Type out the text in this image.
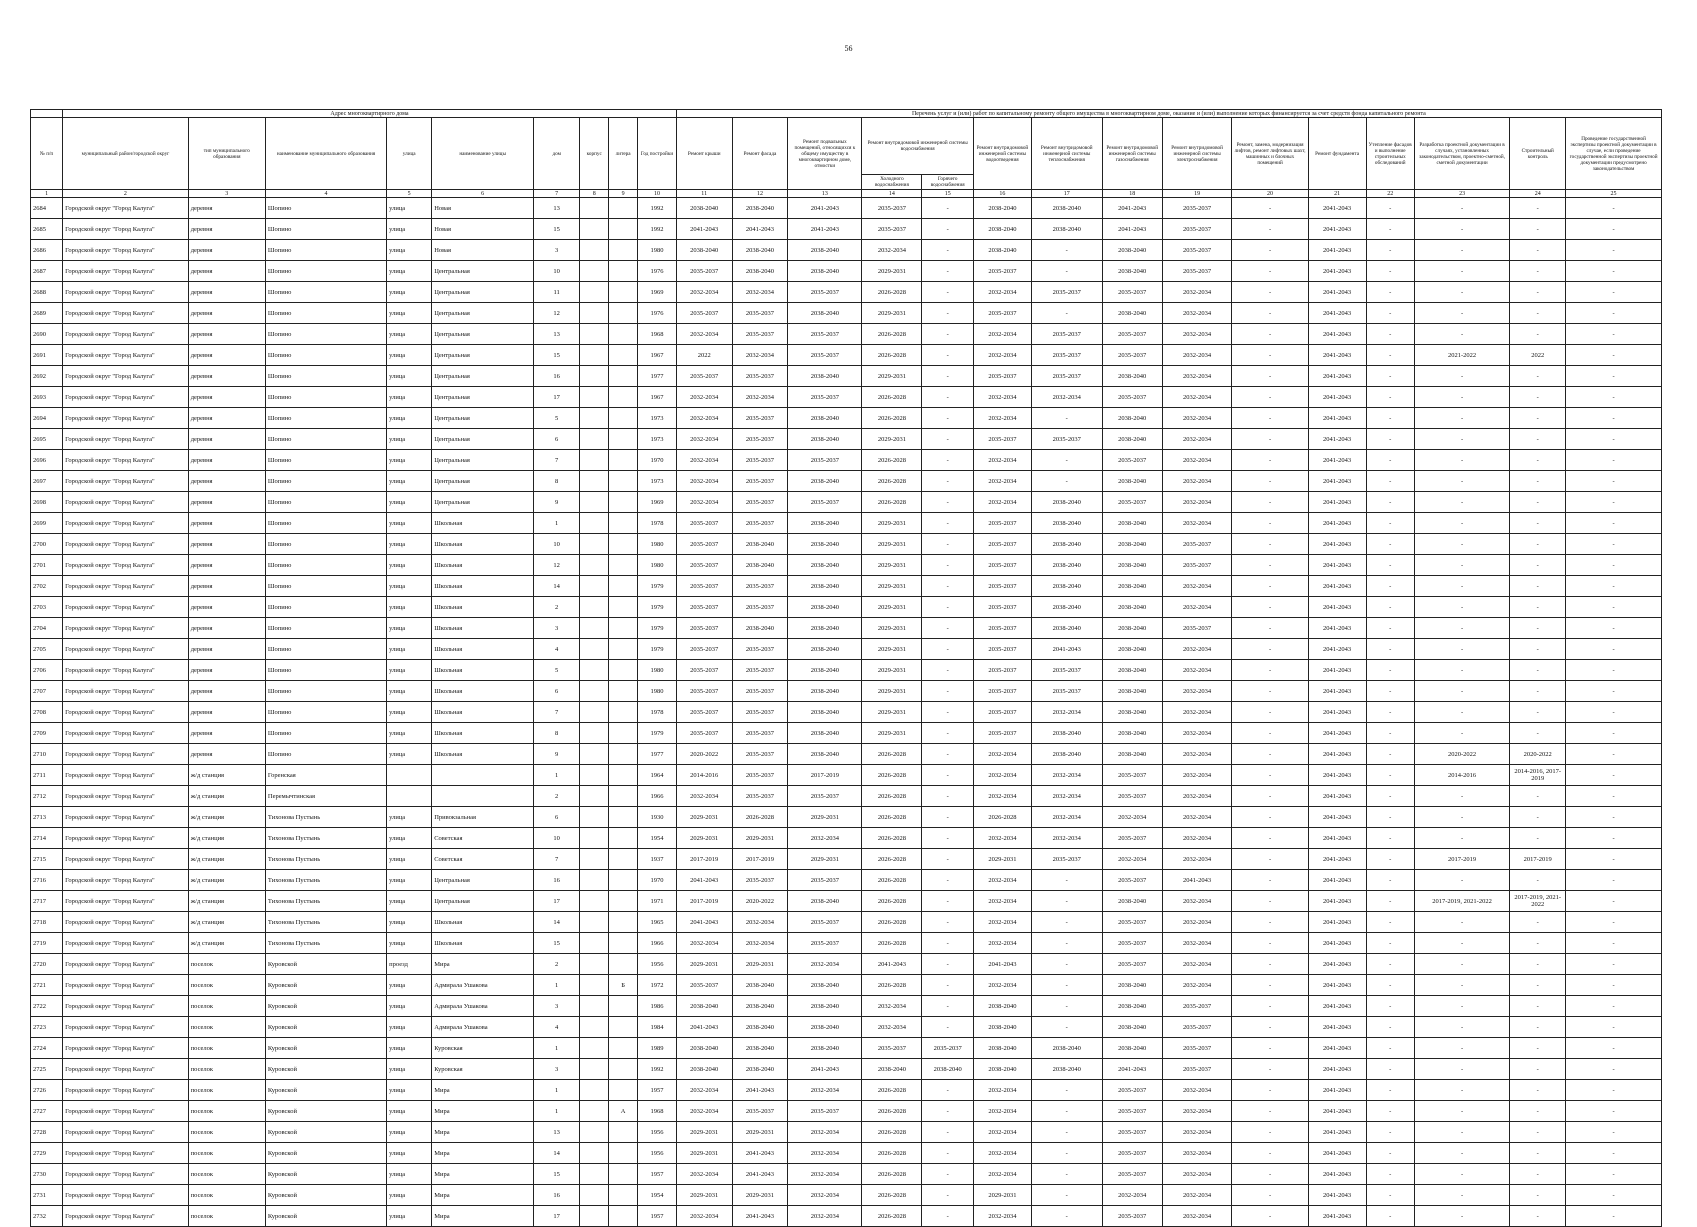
56
	Адрес многоквартирного дома									Перечень услуг и (или) работ по капитальному ремонту общего имущества в многоквартирном доме, оказание и (или) выполнение которых финансируется за счет средств фонда капитального ремонта														
№ п/п	муниципальный район/городской округ	тип муниципального образования	наименование муниципального образования	улица	наименование улицы	дом	корпус	литера	Год постройки	Ремонт крыши	Ремонт фасада	Ремонт подвальных помещений, относящихся к общему имуществу в многоквартирном доме, отмостки	Ремонт внутридомовой инженерной системы водоснабжения		Ремонт внутридомовой инженерной системы водоотведения	Ремонт внутридомовой инженерной системы теплоснабжения	Ремонт внутридомовой инженерной системы газоснабжения	Ремонт внутридомовой инженерной системы электроснабжения	Ремонт, замена, модернизация лифтов, ремонт лифтовых шахт, машинных и блочных помещений	Ремонт фундамента	Утепление фасадов и выполнение строительных обследований	Разработка проектной документации в случаях, установленных законодательством, проектно-сметной, сметной документации	Строительный контроль	Проведение государственной экспертизы проектной документации в случае, если проведение государственной экспертизы проектной документации предусмотрено законодательством
													Холодного водоснабжения	Горячего водоснабжения										
1	2	3	4	5	6	7	8	9	10	11	12	13	14	15	16	17	18	19	20	21	22	23	24	25
2684	Городской округ "Город Калуга"	деревня	Шопино	улица	Новая	13			1992	2038-2040	2038-2040	2041-2043	2035-2037	-	2038-2040	2038-2040	2041-2043	2035-2037	-	2041-2043	-	-	-	-
2685	Городской округ "Город Калуга"	деревня	Шопино	улица	Новая	15			1992	2041-2043	2041-2043	2041-2043	2035-2037	-	2038-2040	2038-2040	2041-2043	2035-2037	-	2041-2043	-	-	-	-
2686	Городской округ "Город Калуга"	деревня	Шопино	улица	Новая	3			1980	2038-2040	2038-2040	2038-2040	2032-2034	-	2038-2040	-	2038-2040	2035-2037	-	2041-2043	-	-	-	-
2687	Городской округ "Город Калуга"	деревня	Шопино	улица	Центральная	10			1976	2035-2037	2038-2040	2038-2040	2029-2031	-	2035-2037	-	2038-2040	2035-2037	-	2041-2043	-	-	-	-
2688	Городской округ "Город Калуга"	деревня	Шопино	улица	Центральная	11			1969	2032-2034	2032-2034	2035-2037	2026-2028	-	2032-2034	2035-2037	2035-2037	2032-2034	-	2041-2043	-	-	-	-
2689	Городской округ "Город Калуга"	деревня	Шопино	улица	Центральная	12			1976	2035-2037	2035-2037	2038-2040	2029-2031	-	2035-2037	-	2038-2040	2032-2034	-	2041-2043	-	-	-	-
2690	Городской округ "Город Калуга"	деревня	Шопино	улица	Центральная	13			1968	2032-2034	2035-2037	2035-2037	2026-2028	-	2032-2034	2035-2037	2035-2037	2032-2034	-	2041-2043	-	-	-	-
2691	Городской округ "Город Калуга"	деревня	Шопино	улица	Центральная	15			1967	2022	2032-2034	2035-2037	2026-2028	-	2032-2034	2035-2037	2035-2037	2032-2034	-	2041-2043	-	2021-2022	2022	-
2692	Городской округ "Город Калуга"	деревня	Шопино	улица	Центральная	16			1977	2035-2037	2035-2037	2038-2040	2029-2031	-	2035-2037	2035-2037	2038-2040	2032-2034	-	2041-2043	-	-	-	-
2693	Городской округ "Город Калуга"	деревня	Шопино	улица	Центральная	17			1967	2032-2034	2032-2034	2035-2037	2026-2028	-	2032-2034	2032-2034	2035-2037	2032-2034	-	2041-2043	-	-	-	-
2694	Городской округ "Город Калуга"	деревня	Шопино	улица	Центральная	5			1973	2032-2034	2035-2037	2038-2040	2026-2028	-	2032-2034	-	2038-2040	2032-2034	-	2041-2043	-	-	-	-
2695	Городской округ "Город Калуга"	деревня	Шопино	улица	Центральная	6			1973	2032-2034	2035-2037	2038-2040	2029-2031	-	2035-2037	2035-2037	2038-2040	2032-2034	-	2041-2043	-	-	-	-
2696	Городской округ "Город Калуга"	деревня	Шопино	улица	Центральная	7			1970	2032-2034	2035-2037	2035-2037	2026-2028	-	2032-2034	-	2035-2037	2032-2034	-	2041-2043	-	-	-	-
2697	Городской округ "Город Калуга"	деревня	Шопино	улица	Центральная	8			1973	2032-2034	2035-2037	2038-2040	2026-2028	-	2032-2034	-	2038-2040	2032-2034	-	2041-2043	-	-	-	-
2698	Городской округ "Город Калуга"	деревня	Шопино	улица	Центральная	9			1969	2032-2034	2035-2037	2035-2037	2026-2028	-	2032-2034	2038-2040	2035-2037	2032-2034	-	2041-2043	-	-	-	-
2699	Городской округ "Город Калуга"	деревня	Шопино	улица	Школьная	1			1978	2035-2037	2035-2037	2038-2040	2029-2031	-	2035-2037	2038-2040	2038-2040	2032-2034	-	2041-2043	-	-	-	-
2700	Городской округ "Город Калуга"	деревня	Шопино	улица	Школьная	10			1980	2035-2037	2038-2040	2038-2040	2029-2031	-	2035-2037	2038-2040	2038-2040	2035-2037	-	2041-2043	-	-	-	-
2701	Городской округ "Город Калуга"	деревня	Шопино	улица	Школьная	12			1980	2035-2037	2038-2040	2038-2040	2029-2031	-	2035-2037	2038-2040	2038-2040	2035-2037	-	2041-2043	-	-	-	-
2702	Городской округ "Город Калуга"	деревня	Шопино	улица	Школьная	14			1979	2035-2037	2035-2037	2038-2040	2029-2031	-	2035-2037	2038-2040	2038-2040	2032-2034	-	2041-2043	-	-	-	-
2703	Городской округ "Город Калуга"	деревня	Шопино	улица	Школьная	2			1979	2035-2037	2035-2037	2038-2040	2029-2031	-	2035-2037	2038-2040	2038-2040	2032-2034	-	2041-2043	-	-	-	-
2704	Городской округ "Город Калуга"	деревня	Шопино	улица	Школьная	3			1979	2035-2037	2038-2040	2038-2040	2029-2031	-	2035-2037	2038-2040	2038-2040	2035-2037	-	2041-2043	-	-	-	-
2705	Городской округ "Город Калуга"	деревня	Шопино	улица	Школьная	4			1979	2035-2037	2035-2037	2038-2040	2029-2031	-	2035-2037	2041-2043	2038-2040	2032-2034	-	2041-2043	-	-	-	-
2706	Городской округ "Город Калуга"	деревня	Шопино	улица	Школьная	5			1980	2035-2037	2035-2037	2038-2040	2029-2031	-	2035-2037	2035-2037	2038-2040	2032-2034	-	2041-2043	-	-	-	-
2707	Городской округ "Город Калуга"	деревня	Шопино	улица	Школьная	6			1980	2035-2037	2035-2037	2038-2040	2029-2031	-	2035-2037	2035-2037	2038-2040	2032-2034	-	2041-2043	-	-	-	-
2708	Городской округ "Город Калуга"	деревня	Шопино	улица	Школьная	7			1978	2035-2037	2035-2037	2038-2040	2029-2031	-	2035-2037	2032-2034	2038-2040	2032-2034	-	2041-2043	-	-	-	-
2709	Городской округ "Город Калуга"	деревня	Шопино	улица	Школьная	8			1979	2035-2037	2035-2037	2038-2040	2029-2031	-	2035-2037	2038-2040	2038-2040	2032-2034	-	2041-2043	-	-	-	-
2710	Городской округ "Город Калуга"	деревня	Шопино	улица	Школьная	9			1977	2020-2022	2035-2037	2038-2040	2026-2028	-	2032-2034	2038-2040	2038-2040	2032-2034	-	2041-2043	-	2020-2022	2020-2022	-
2711	Городской округ "Город Калуга"	ж/д станция	Горенская			1			1964	2014-2016	2035-2037	2017-2019	2026-2028	-	2032-2034	2032-2034	2035-2037	2032-2034	-	2041-2043	-	2014-2016	2014-2016, 2017-2019	-
2712	Городской округ "Город Калуга"	ж/д станция	Перемычтинская			2			1966	2032-2034	2035-2037	2035-2037	2026-2028	-	2032-2034	2032-2034	2035-2037	2032-2034	-	2041-2043	-	-	-	-
2713	Городской округ "Город Калуга"	ж/д станция	Тихонова Пустынь	улица	Привокзальная	6			1930	2029-2031	2026-2028	2029-2031	2026-2028	-	2026-2028	2032-2034	2032-2034	2032-2034	-	2041-2043	-	-	-	-
2714	Городской округ "Город Калуга"	ж/д станция	Тихонова Пустынь	улица	Советская	10			1954	2029-2031	2029-2031	2032-2034	2026-2028	-	2032-2034	2032-2034	2035-2037	2032-2034	-	2041-2043	-	-	-	-
2715	Городской округ "Город Калуга"	ж/д станция	Тихонова Пустынь	улица	Советская	7			1937	2017-2019	2017-2019	2029-2031	2026-2028	-	2029-2031	2035-2037	2032-2034	2032-2034	-	2041-2043	-	2017-2019	2017-2019	-
2716	Городской округ "Город Калуга"	ж/д станция	Тихонова Пустынь	улица	Центральная	16			1970	2041-2043	2035-2037	2035-2037	2026-2028	-	2032-2034	-	2035-2037	2041-2043	-	2041-2043	-	-	-	-
2717	Городской округ "Город Калуга"	ж/д станция	Тихонова Пустынь	улица	Центральная	17			1971	2017-2019	2020-2022	2038-2040	2026-2028	-	2032-2034	-	2038-2040	2032-2034	-	2041-2043	-	2017-2019, 2021-2022	2017-2019, 2021-2022	-
2718	Городской округ "Город Калуга"	ж/д станция	Тихонова Пустынь	улица	Школьная	14			1965	2041-2043	2032-2034	2035-2037	2026-2028	-	2032-2034	-	2035-2037	2032-2034	-	2041-2043	-	-	-	-
2719	Городской округ "Город Калуга"	ж/д станция	Тихонова Пустынь	улица	Школьная	15			1966	2032-2034	2032-2034	2035-2037	2026-2028	-	2032-2034	-	2035-2037	2032-2034	-	2041-2043	-	-	-	-
2720	Городской округ "Город Калуга"	поселок	Куровской	проезд	Мира	2			1956	2029-2031	2029-2031	2032-2034	2041-2043	-	2041-2043	-	2035-2037	2032-2034	-	2041-2043	-	-	-	-
2721	Городской округ "Город Калуга"	поселок	Куровской	улица	Адмирала Ушакова	1		Б	1972	2035-2037	2038-2040	2038-2040	2026-2028	-	2032-2034	-	2038-2040	2032-2034	-	2041-2043	-	-	-	-
2722	Городской округ "Город Калуга"	поселок	Куровской	улица	Адмирала Ушакова	3			1986	2038-2040	2038-2040	2038-2040	2032-2034	-	2038-2040	-	2038-2040	2035-2037	-	2041-2043	-	-	-	-
2723	Городской округ "Город Калуга"	поселок	Куровской	улица	Адмирала Ушакова	4			1984	2041-2043	2038-2040	2038-2040	2032-2034	-	2038-2040	-	2038-2040	2035-2037	-	2041-2043	-	-	-	-
2724	Городской округ "Город Калуга"	поселок	Куровской	улица	Куровская	1			1989	2038-2040	2038-2040	2038-2040	2035-2037	2035-2037	2038-2040	2038-2040	2038-2040	2035-2037	-	2041-2043	-	-	-	-
2725	Городской округ "Город Калуга"	поселок	Куровской	улица	Куровская	3			1992	2038-2040	2038-2040	2041-2043	2038-2040	2038-2040	2038-2040	2038-2040	2041-2043	2035-2037	-	2041-2043	-	-	-	-
2726	Городской округ "Город Калуга"	поселок	Куровской	улица	Мира	1			1957	2032-2034	2041-2043	2032-2034	2026-2028	-	2032-2034	-	2035-2037	2032-2034	-	2041-2043	-	-	-	-
2727	Городской округ "Город Калуга"	поселок	Куровской	улица	Мира	1		А	1968	2032-2034	2035-2037	2035-2037	2026-2028	-	2032-2034	-	2035-2037	2032-2034	-	2041-2043	-	-	-	-
2728	Городской округ "Город Калуга"	поселок	Куровской	улица	Мира	13			1956	2029-2031	2029-2031	2032-2034	2026-2028	-	2032-2034	-	2035-2037	2032-2034	-	2041-2043	-	-	-	-
2729	Городской округ "Город Калуга"	поселок	Куровской	улица	Мира	14			1956	2029-2031	2041-2043	2032-2034	2026-2028	-	2032-2034	-	2035-2037	2032-2034	-	2041-2043	-	-	-	-
2730	Городской округ "Город Калуга"	поселок	Куровской	улица	Мира	15			1957	2032-2034	2041-2043	2032-2034	2026-2028	-	2032-2034	-	2035-2037	2032-2034	-	2041-2043	-	-	-	-
2731	Городской округ "Город Калуга"	поселок	Куровской	улица	Мира	16			1954	2029-2031	2029-2031	2032-2034	2026-2028	-	2029-2031	-	2032-2034	2032-2034	-	2041-2043	-	-	-	-
2732	Городской округ "Город Калуга"	поселок	Куровской	улица	Мира	17			1957	2032-2034	2041-2043	2032-2034	2026-2028	-	2032-2034	-	2035-2037	2032-2034	-	2041-2043	-	-	-	-
